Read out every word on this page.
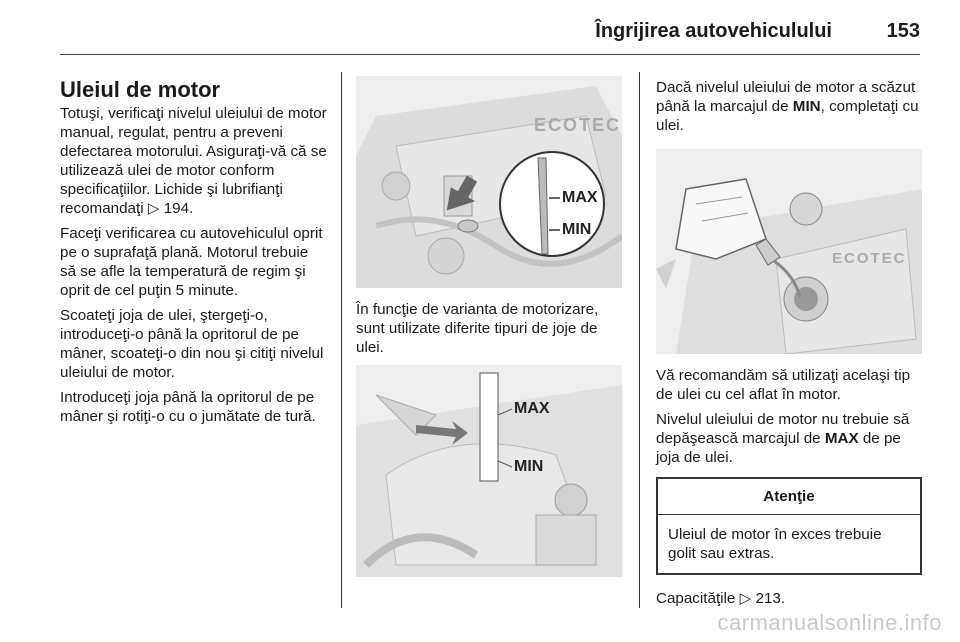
Îngrijirea autovehiculului	153
Uleiul de motor

Totuşi, verificaţi nivelul uleiului de motor manual, regulat, pentru a preveni defectarea motorului. Asiguraţi-vă că se utilizează ulei de motor conform specificaţiilor. Lichide şi lubrifianţi recomandaţi ▷ 194.

Faceţi verificarea cu autovehiculul oprit pe o suprafaţă plană. Motorul trebuie să se afle la temperatură de regim şi oprit de cel puţin 5 minute.

Scoateţi joja de ulei, ştergeţi-o, introduceţi-o până la opritorul de pe mâner, scoateţi-o din nou şi citiţi nivelul uleiului de motor.

Introduceţi joja până la opritorul de pe mâner şi rotiţi-o cu o jumătate de tură.

ECOTEC
MAX
MIN

În funcţie de varianta de motorizare, sunt utilizate diferite tipuri de joje de ulei.

MAX
MIN

Dacă nivelul uleiului de motor a scăzut până la marcajul de MIN, completaţi cu ulei.

ECOTEC

Vă recomandăm să utilizaţi acelaşi tip de ulei cu cel aflat în motor.

Nivelul uleiului de motor nu trebuie să depăşească marcajul de MAX de pe joja de ulei.

Atenţie
Uleiul de motor în exces trebuie golit sau extras.

Capacităţile ▷ 213.

carmanualsonline.info
